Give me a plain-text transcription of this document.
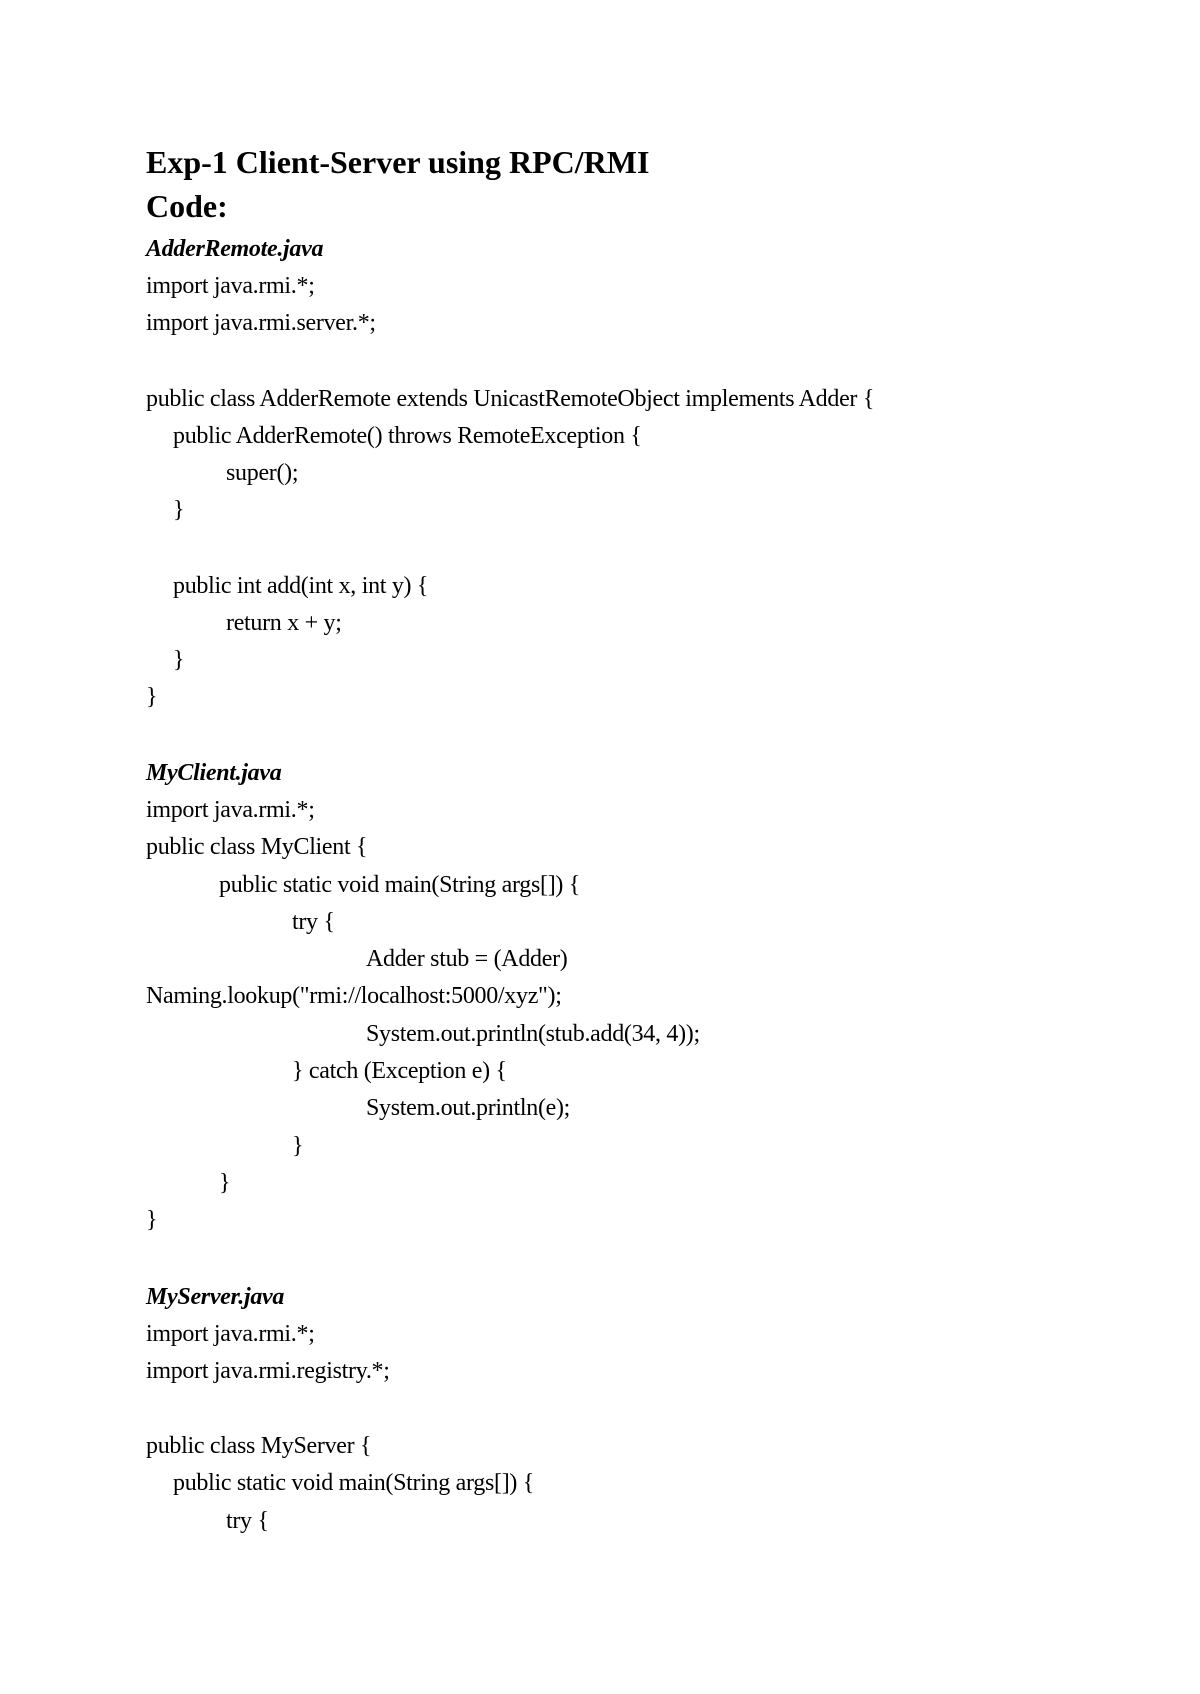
Exp-1 Client-Server using RPC/RMI
Code:
AdderRemote.java
import java.rmi.*;
import java.rmi.server.*;
public class AdderRemote extends UnicastRemoteObject implements Adder {
public AdderRemote() throws RemoteException {
super();
}
public int add(int x, int y) {
return x + y;
}
}
MyClient.java
import java.rmi.*;
public class MyClient {
public static void main(String args[]) {
try {
Adder stub = (Adder)
Naming.lookup("rmi://localhost:5000/xyz");
System.out.println(stub.add(34, 4));
} catch (Exception e) {
System.out.println(e);
}
}
}
MyServer.java
import java.rmi.*;
import java.rmi.registry.*;
public class MyServer {
public static void main(String args[]) {
try {
